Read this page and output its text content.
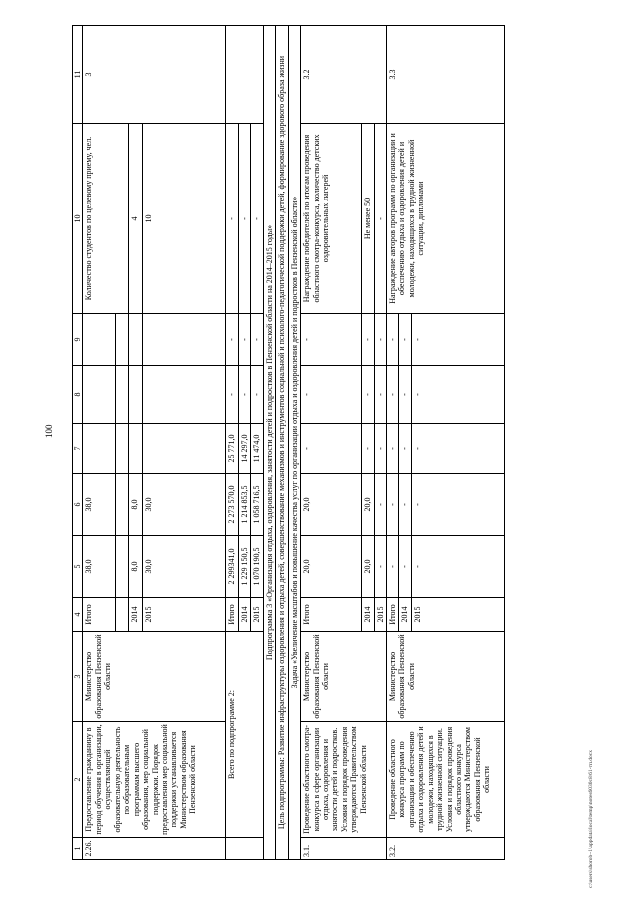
100
c:\users\shorob~1\appdata\local\temp\notes6030c8\61-тп.docx
1	2	3	4	5	6	7	8	9	10	11
2.26.	Предоставление гражданину в период обучения в организации, осуществляющей образовательную деятельность по образовательным программам высшего образования, мер социальной поддержки. Порядок предоставления мер социальной поддержки устанавливается Министерством образования Пензенской области	Министерство образования Пензенской области	Итого	38,0	38,0				Количество студентов по целевому приему, чел.	3

			2014	8,0	8,0				4	
			2015	30,0	30,0				10	
	Всего по подпрограмме 2:		Итого	2 299341,0	2 273 570,0	25 771,0	-	-	-	
			2014	1 229 150,5	1 214 853,5	14 297,0	-	-	-	
			2015	1 070 190,5	1 058 716,5	11 474,0	-	-	-	
Подпрограмма 3 «Организация отдыха, оздоровления, занятости детей и подростков в Пензенской области на 2014–2015 годы»										
Цель подпрограммы: Развитие инфраструктуры оздоровления и отдыха детей, совершенствование механизмов и инструментов социальной и психолого-педагогической поддержки детей, формирование здорового образа жизни										
Задача «Увеличение масштабов и повышение качества услуг по организации отдыха и оздоровления детей и подростков в Пензенской области»										
3.1.	Проведение областного смотра-конкурса в сфере организации отдыха, оздоровления и занятости детей и подростков. Условия и порядок проведения утверждаются Правительством Пензенской области	Министерство образования Пензенской области	Итого	20,0	20,0	-	-	-	Награждение победителей по итогам проведения областного смотра-конкурса, количество детских оздоровительных лагерей	3.2
			2014	20,0	20,0	-	-	-	Не менее 50	
			2015	-	-	-	-	-	-	
3.2.	Проведение областного конкурса программ по организации и обеспечению отдыха и оздоровления детей и молодежи, находящихся в трудной жизненной ситуации. Условия и порядок проведения областного конкурса утверждаются Министерством образования Пензенской области	Министерство образования Пензенской области	Итого	-	-	-	-	-	Награждение авторов программ по организации и обеспечению отдыха и оздоровления детей и молодежи, находящихся в трудной жизненной ситуации, дипломами	3.3
			2014	-	-	-	-	-		
			2015	-	-	-	-	-		
